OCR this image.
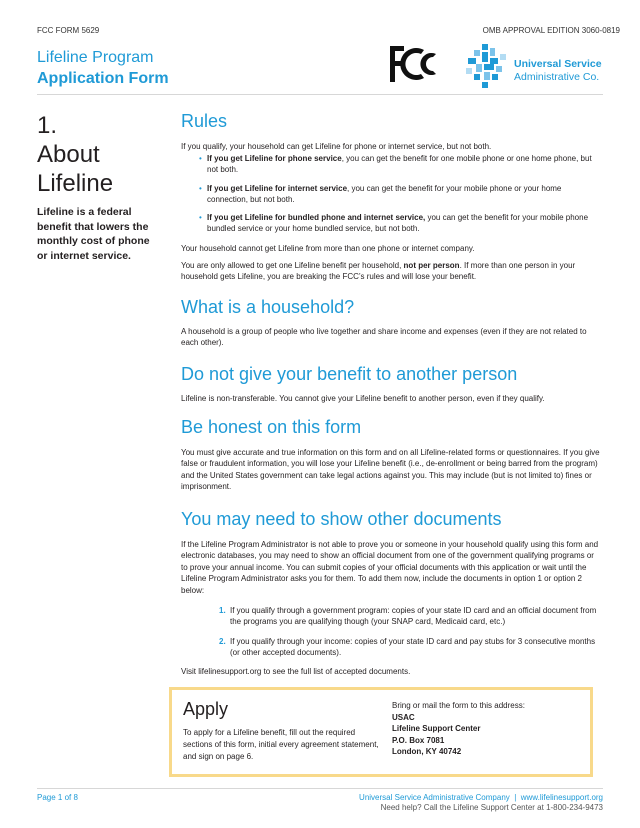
FCC FORM 5629	OMB APPROVAL EDITION 3060-0819
Lifeline Program
Application Form
Universal Service
Administrative Co.
1.
About
Lifeline
Lifeline is a federal benefit that lowers the monthly cost of phone or internet service.
Rules

If you qualify, your household can get Lifeline for phone or internet service, but not both.

• If you get Lifeline for phone service, you can get the benefit for one mobile phone or one home phone, but not both.
• If you get Lifeline for internet service, you can get the benefit for your mobile phone or your home connection, but not both.
• If you get Lifeline for bundled phone and internet service, you can get the benefit for your mobile phone bundled service or your home bundled service, but not both.

Your household cannot get Lifeline from more than one phone or internet company.

You are only allowed to get one Lifeline benefit per household, not per person. If more than one person in your household gets Lifeline, you are breaking the FCC’s rules and will lose your benefit.

What is a household?

A household is a group of people who live together and share income and expenses (even if they are not related to each other).

Do not give your benefit to another person

Lifeline is non-transferable. You cannot give your Lifeline benefit to another person, even if they qualify.

Be honest on this form

You must give accurate and true information on this form and on all Lifeline-related forms or questionnaires. If you give false or fraudulent information, you will lose your Lifeline benefit (i.e., de-enrollment or being barred from the program) and the United States government can take legal actions against you. This may include (but is not limited to) fines or imprisonment.

You may need to show other documents

If the Lifeline Program Administrator is not able to prove you or someone in your household qualify using this form and electronic databases, you may need to show an official document from one of the government qualifying programs or to prove your annual income. You can submit copies of your official documents with this application or wait until the Lifeline Program Administrator asks you for them. To add them now, include the documents in option 1 or option 2 below:

1. If you qualify through a government program: copies of your state ID card and an official document from the programs you are qualifying though (your SNAP card, Medicaid card, etc.)
2. If you qualify through your income: copies of your state ID card and pay stubs for 3 consecutive months (or other accepted documents).

Visit lifelinesupport.org to see the full list of accepted documents.

Apply
To apply for a Lifeline benefit, fill out the required sections of this form, initial every agreement statement, and sign on page 6.
Bring or mail the form to this address:
USAC
Lifeline Support Center
P.O. Box 7081
London, KY 40742
Page 1 of 8	Universal Service Administrative Company  |  www.lifelinesupport.org
Need help? Call the Lifeline Support Center at 1-800-234-9473
